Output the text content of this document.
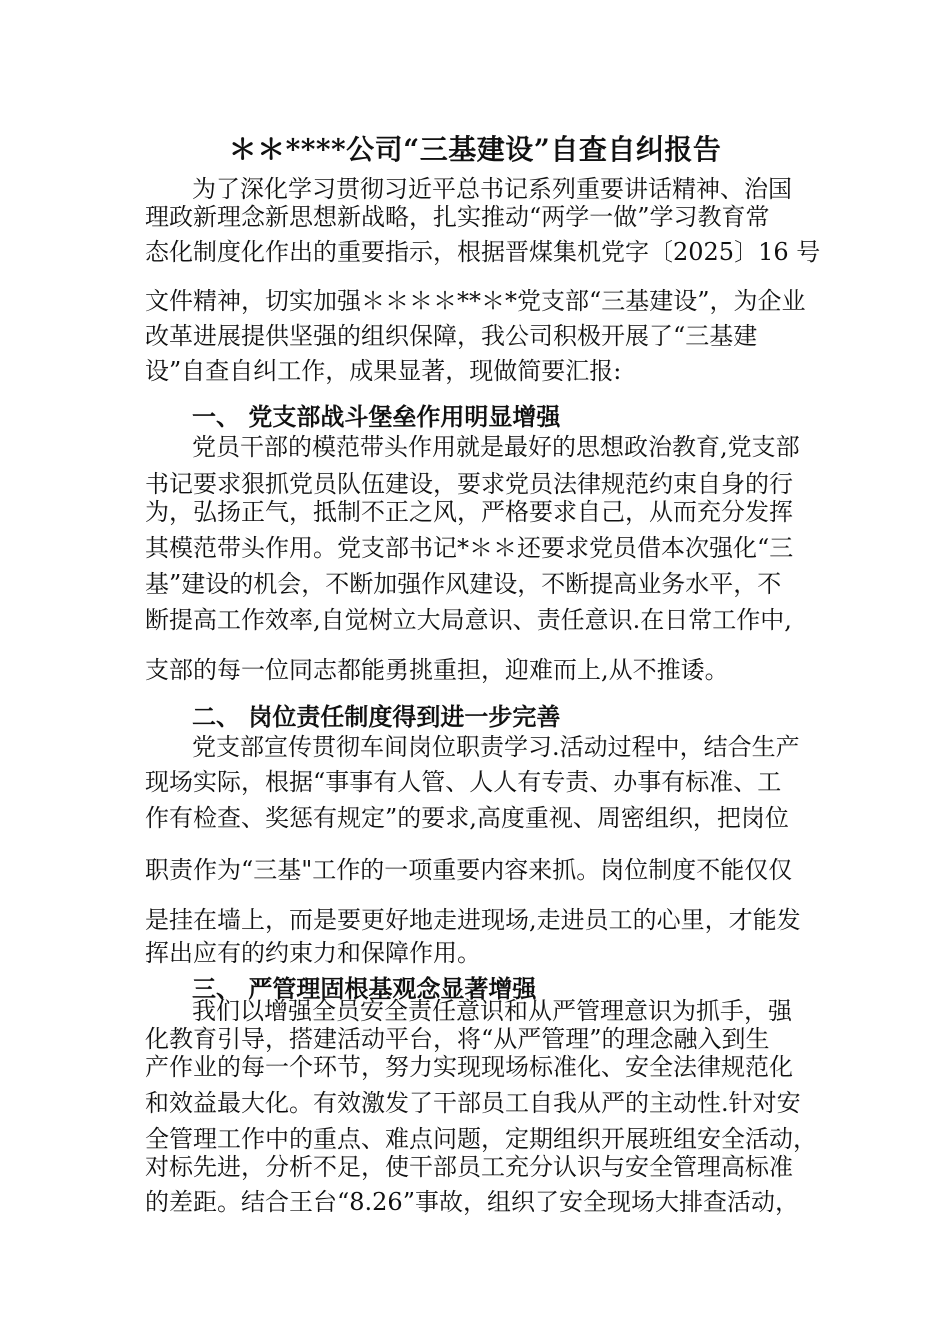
＊＊****公司“三基建设”自查自纠报告
为了深化学习贯彻习近平总书记系列重要讲话精神、治国
理政新理念新思想新战略，扎实推动“两学一做”学习教育常
态化制度化作出的重要指示，根据晋煤集机党字〔2025〕16 号
文件精神，切实加强＊＊＊＊**＊*党支部“三基建设”，为企业
改革进展提供坚强的组织保障，我公司积极开展了“三基建
设”自查自纠工作，成果显著，现做简要汇报:
一、 党支部战斗堡垒作用明显增强
党员干部的模范带头作用就是最好的思想政治教育,党支部
书记要求狠抓党员队伍建设，要求党员法律规范约束自身的行
为，弘扬正气，抵制不正之风，严格要求自己，从而充分发挥
其模范带头作用。党支部书记*＊＊还要求党员借本次强化“三
基”建设的机会，不断加强作风建设，不断提高业务水平，不
断提高工作效率,自觉树立大局意识、责任意识.在日常工作中,
支部的每一位同志都能勇挑重担，迎难而上,从不推诿。
二、 岗位责任制度得到进一步完善
党支部宣传贯彻车间岗位职责学习.活动过程中，结合生产
现场实际，根据“事事有人管、人人有专责、办事有标准、工
作有检查、奖惩有规定”的要求,高度重视、周密组织，把岗位
职责作为“三基"工作的一项重要内容来抓。岗位制度不能仅仅
是挂在墙上，而是要更好地走进现场,走进员工的心里，才能发
挥出应有的约束力和保障作用。
三、 严管理固根基观念显著增强
我们以增强全员安全责任意识和从严管理意识为抓手，强
化教育引导，搭建活动平台，将“从严管理”的理念融入到生
产作业的每一个环节，努力实现现场标准化、安全法律规范化
和效益最大化。有效激发了干部员工自我从严的主动性.针对安
全管理工作中的重点、难点问题，定期组织开展班组安全活动，
对标先进，分析不足，使干部员工充分认识与安全管理高标准
的差距。结合王台“8.26”事故，组织了安全现场大排查活动，
